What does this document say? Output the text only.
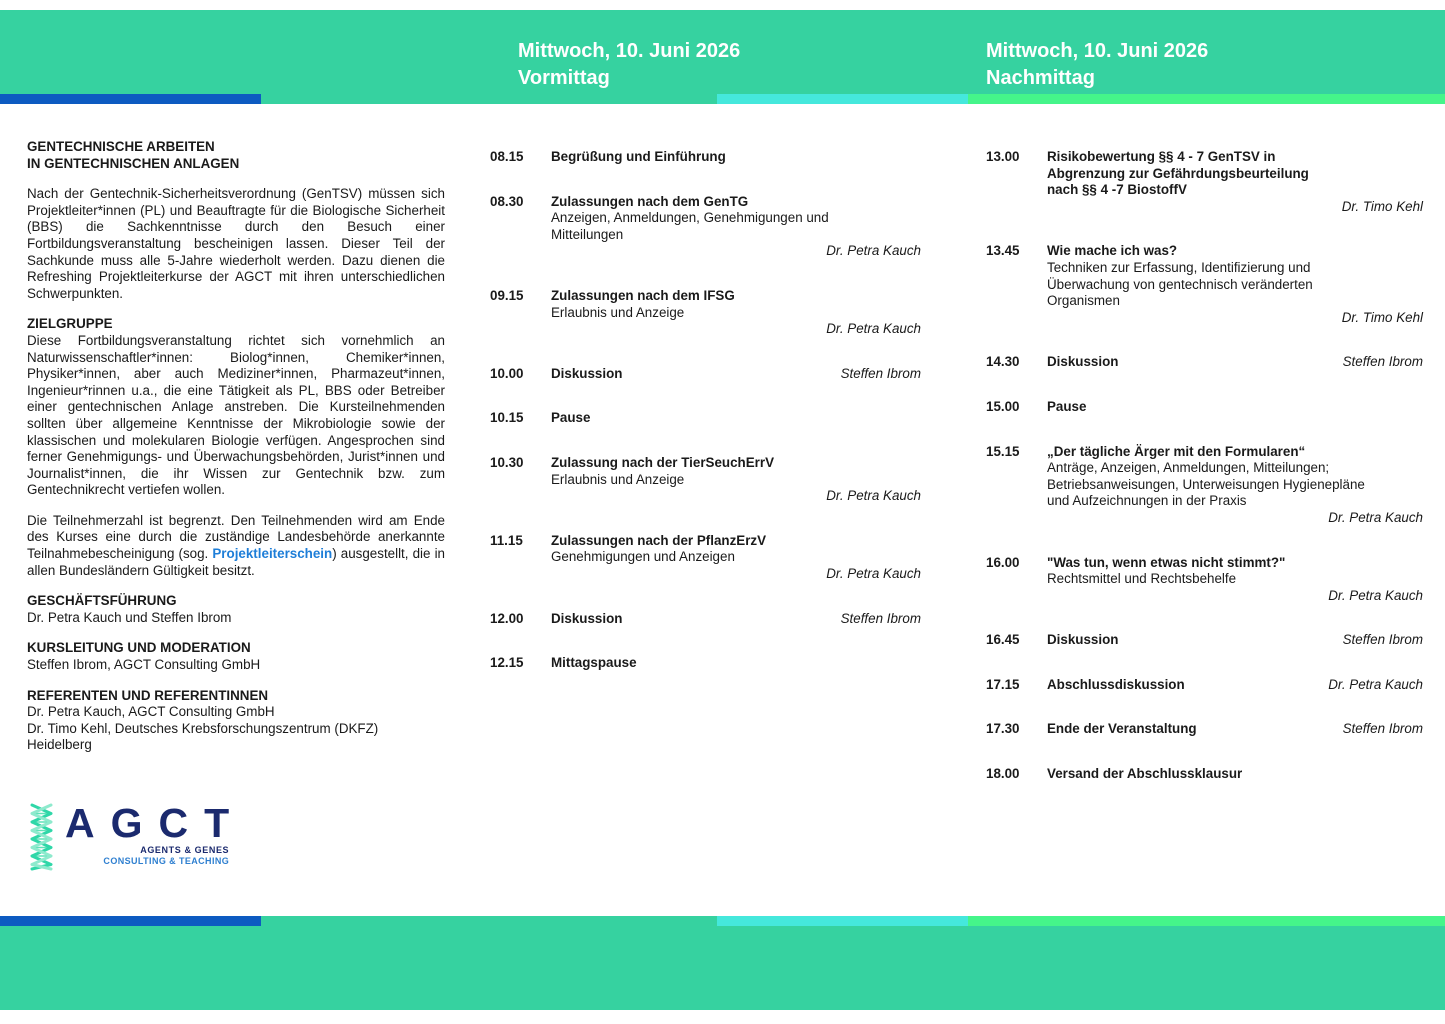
Mittwoch, 10. Juni 2026
Vormittag
Mittwoch, 10. Juni 2026
Nachmittag
GENTECHNISCHE ARBEITEN
IN GENTECHNISCHEN ANLAGEN
Nach der Gentechnik-Sicherheitsverordnung (GenTSV) müssen sich Projektleiter*innen (PL) und Beauftragte für die Biologische Sicherheit (BBS) die Sachkenntnisse durch den Besuch einer Fortbildungsveranstaltung bescheinigen lassen. Dieser Teil der Sachkunde muss alle 5-Jahre wiederholt werden. Dazu dienen die Refreshing Projektleiterkurse der AGCT mit ihren unterschiedlichen Schwerpunkten.
ZIELGRUPPE
Diese Fortbildungsveranstaltung richtet sich vornehmlich an Naturwissenschaftler*innen: Biolog*innen, Chemiker*innen, Physiker*innen, aber auch Mediziner*innen, Pharmazeut*innen, Ingenieur*rinnen u.a., die eine Tätigkeit als PL, BBS oder Betreiber einer gentechnischen Anlage anstreben. Die Kursteilnehmenden sollten über allgemeine Kenntnisse der Mikrobiologie sowie der klassischen und molekularen Biologie verfügen. Angesprochen sind ferner Genehmigungs- und Überwachungsbehörden, Jurist*innen und Journalist*innen, die ihr Wissen zur Gentechnik bzw. zum Gentechnikrecht vertiefen wollen.
Die Teilnehmerzahl ist begrenzt. Den Teilnehmenden wird am Ende des Kurses eine durch die zuständige Landesbehörde anerkannte Teilnahmebescheinigung (sog. Projektleiterschein) ausgestellt, die in allen Bundesländern Gültigkeit besitzt.
GESCHÄFTSFÜHRUNG
Dr. Petra Kauch und Steffen Ibrom
KURSLEITUNG UND MODERATION
Steffen Ibrom, AGCT Consulting GmbH
REFERENTEN UND REFERENTINNEN
Dr. Petra Kauch, AGCT Consulting GmbH
Dr. Timo Kehl, Deutsches Krebsforschungszentrum (DKFZ)
Heidelberg
08.15	Begrüßung und Einführung
08.30	Zulassungen nach dem GenTG
Anzeigen, Anmeldungen, Genehmigungen und
Mitteilungen
Dr. Petra Kauch
09.15	Zulassungen nach dem IFSG
Erlaubnis und Anzeige
Dr. Petra Kauch
10.00	Diskussion	Steffen Ibrom
10.15	Pause
10.30	Zulassung nach der TierSeuchErrV
Erlaubnis und Anzeige
Dr. Petra Kauch
11.15	Zulassungen nach der PflanzErzV
Genehmigungen und Anzeigen
Dr. Petra Kauch
12.00	Diskussion	Steffen Ibrom
12.15	Mittagspause
13.00	Risikobewertung §§ 4 - 7 GenTSV in
Abgrenzung zur Gefährdungsbeurteilung
nach §§ 4 -7 BiostoffV
Dr. Timo Kehl
13.45	Wie mache ich was?
Techniken zur Erfassung, Identifizierung und
Überwachung von gentechnisch veränderten
Organismen
Dr. Timo Kehl
14.30	Diskussion	Steffen Ibrom
15.00	Pause
15.15	„Der tägliche Ärger mit den Formularen“
Anträge, Anzeigen, Anmeldungen, Mitteilungen;
Betriebsanweisungen, Unterweisungen Hygienepläne
und Aufzeichnungen in der Praxis
Dr. Petra Kauch
16.00	"Was tun, wenn etwas nicht stimmt?"
Rechtsmittel und Rechtsbehelfe
Dr. Petra Kauch
16.45	Diskussion	Steffen Ibrom
17.15	Abschlussdiskussion	Dr. Petra Kauch
17.30	Ende der Veranstaltung	Steffen Ibrom
18.00	Versand der Abschlussklausur
AGCT
AGENTS & GENES
CONSULTING & TEACHING
